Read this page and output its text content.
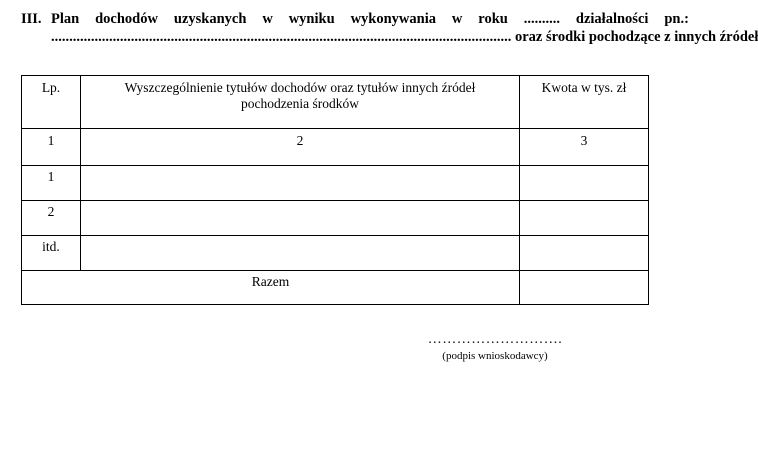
III. Plan dochodów uzyskanych w wyniku wykonywania w roku .......... działalności pn.:
............................................................................................................................... oraz środki pochodzące z innych źródeł
Lp.	Wyszczególnienie tytułów dochodów oraz tytułów innych źródeł pochodzenia środków	Kwota w tys. zł
1	2	3
1		
2		
itd.		
Razem		
……………………….
(podpis wnioskodawcy)
